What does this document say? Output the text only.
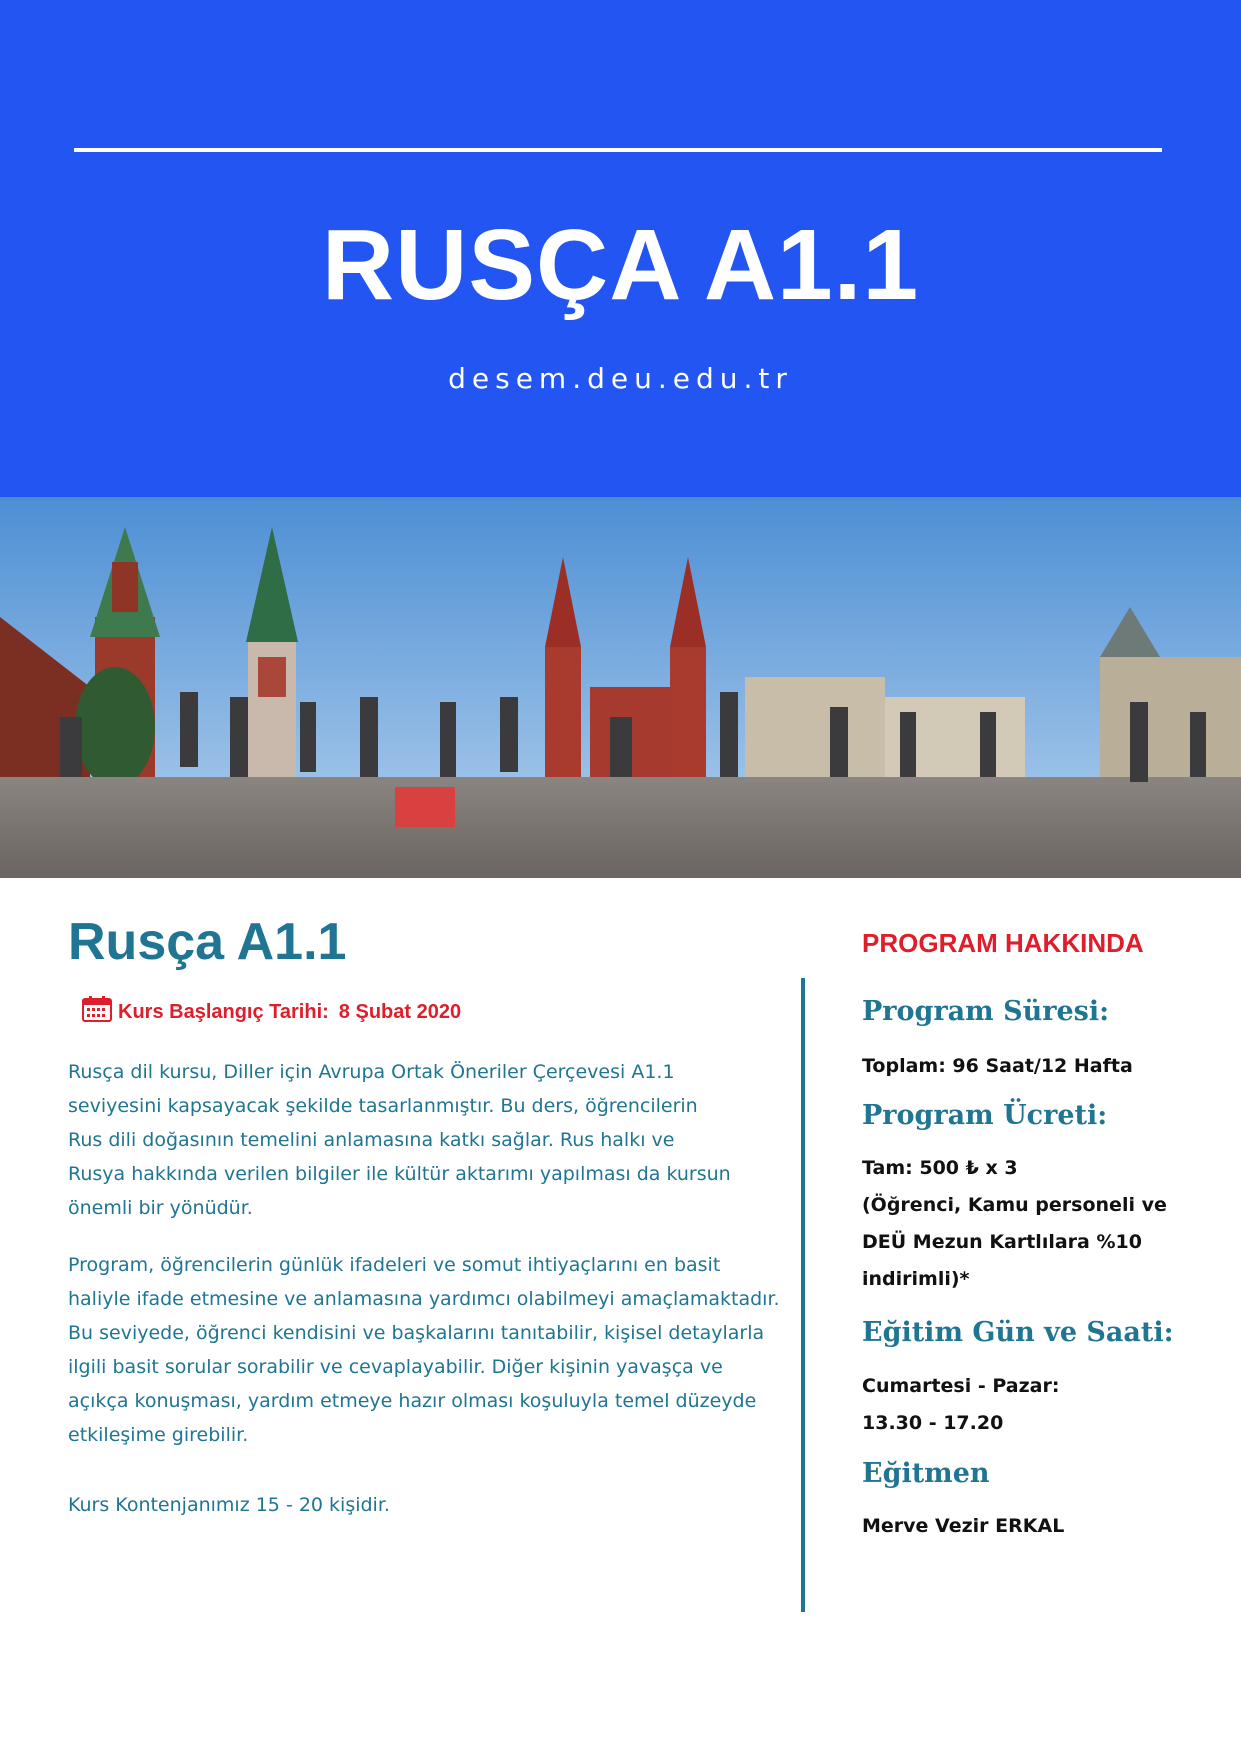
RUSÇA A1.1
desem.deu.edu.tr
Rusça A1.1
Kurs Başlangıç Tarihi: 8 Şubat 2020
Rusça dil kursu, Diller için Avrupa Ortak Öneriler Çerçevesi A1.1
seviyesini kapsayacak şekilde tasarlanmıştır. Bu ders, öğrencilerin
Rus dili doğasının temelini anlamasına katkı sağlar. Rus halkı ve
Rusya hakkında verilen bilgiler ile kültür aktarımı yapılması da kursun
önemli bir yönüdür.
Program, öğrencilerin günlük ifadeleri ve somut ihtiyaçlarını en basit
haliyle ifade etmesine ve anlamasına yardımcı olabilmeyi amaçlamaktadır.
Bu seviyede, öğrenci kendisini ve başkalarını tanıtabilir, kişisel detaylarla
ilgili basit sorular sorabilir ve cevaplayabilir. Diğer kişinin yavaşça ve
açıkça konuşması, yardım etmeye hazır olması koşuluyla temel düzeyde
etkileşime girebilir.
Kurs Kontenjanımız 15 - 20 kişidir.
PROGRAM HAKKINDA
Program Süresi:
Toplam: 96 Saat/12 Hafta
Program Ücreti:
Tam: 500 ₺ x 3
(Öğrenci, Kamu personeli ve
DEÜ Mezun Kartlılara %10
indirimli)*
Eğitim Gün ve Saati:
Cumartesi - Pazar:
13.30 - 17.20
Eğitmen
Merve Vezir ERKAL
